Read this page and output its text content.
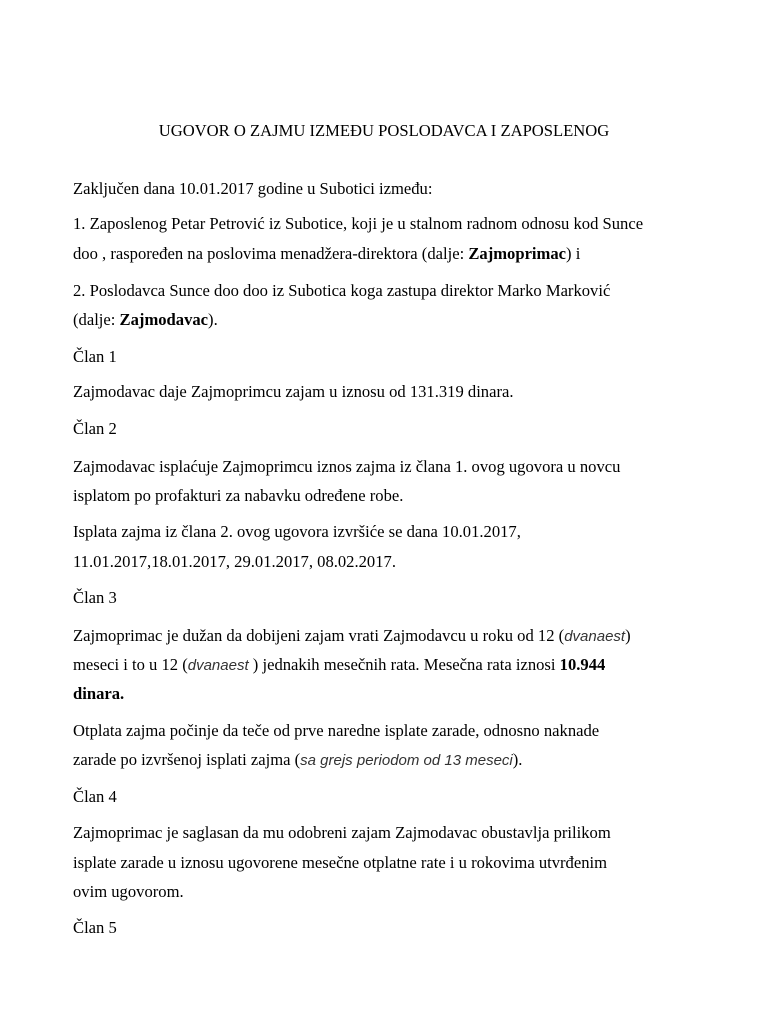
UGOVOR O ZAJMU IZMEĐU POSLODAVCA I ZAPOSLENOG
Zaključen dana 10.01.2017 godine u Subotici između:
1. Zaposlenog Petar Petrović iz Subotice, koji je u stalnom radnom odnosu kod Sunce
doo , raspoređen na poslovima menadžera-direktora (dalje: Zajmoprimac) i
2. Poslodavca Sunce doo doo iz Subotica koga zastupa direktor Marko Marković
(dalje: Zajmodavac).
Član 1
Zajmodavac daje Zajmoprimcu zajam u iznosu od 131.319 dinara.
Član 2
Zajmodavac isplaćuje Zajmoprimcu iznos zajma iz člana 1. ovog ugovora u novcu
isplatom po profakturi za nabavku određene robe.
Isplata zajma iz člana 2. ovog ugovora izvršiće se dana 10.01.2017,
11.01.2017,18.01.2017, 29.01.2017, 08.02.2017.
Član 3
Zajmoprimac je dužan da dobijeni zajam vrati Zajmodavcu u roku od 12 (dvanaest)
meseci i to u 12 (dvanaest ) jednakih mesečnih rata. Mesečna rata iznosi 10.944
dinara.
Otplata zajma počinje da teče od prve naredne isplate zarade, odnosno naknade
zarade po izvršenoj isplati zajma (sa grejs periodom od 13 meseci).
Član 4
Zajmoprimac je saglasan da mu odobreni zajam Zajmodavac obustavlja prilikom
isplate zarade u iznosu ugovorene mesečne otplatne rate i u rokovima utvrđenim
ovim ugovorom.
Član 5
